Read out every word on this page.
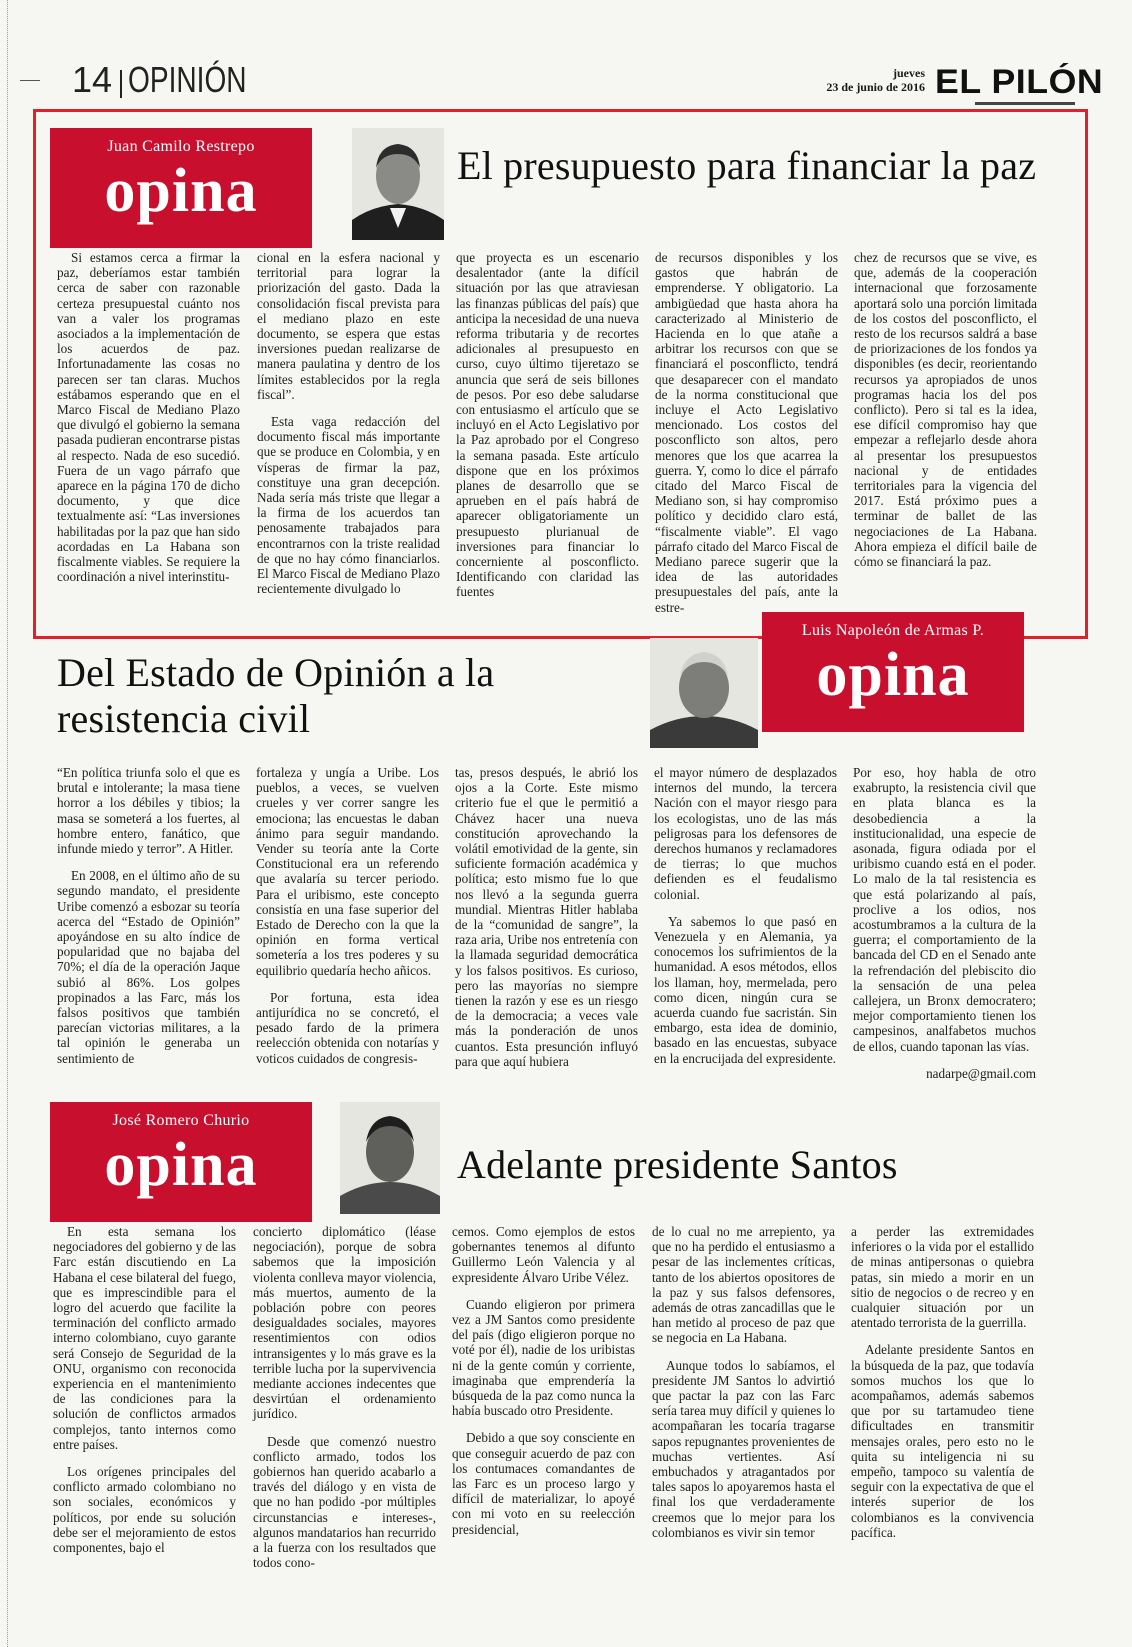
14 OPINIÓN	jueves
23 de junio de 2016 EL PILÓN
Juan Camilo Restrepo
opina	El presupuesto para financiar la paz

Si estamos cerca a firmar la paz, deberíamos estar también cerca de saber con razonable certeza presupuestal cuánto nos van a valer los programas asociados a la implementación de los acuerdos de paz. Infortunadamente las cosas no parecen ser tan claras. Muchos estábamos esperando que en el Marco Fiscal de Mediano Plazo que divulgó el gobierno la semana pasada pudieran encontrarse pistas al respecto. Nada de eso sucedió. Fuera de un vago párrafo que aparece en la página 170 de dicho documento, y que dice textualmente así: “Las inversiones habilitadas por la paz que han sido acordadas en La Habana son fiscalmente viables. Se requiere la coordinación a nivel interinstitu-

cional en la esfera nacional y territorial para lograr la priorización del gasto. Dada la consolidación fiscal prevista para el mediano plazo en este documento, se espera que estas inversiones puedan realizarse de manera paulatina y dentro de los límites establecidos por la regla fiscal”.

Esta vaga redacción del documento fiscal más importante que se produce en Colombia, y en vísperas de firmar la paz, constituye una gran decepción. Nada sería más triste que llegar a la firma de los acuerdos tan penosamente trabajados para encontrarnos con la triste realidad de que no hay cómo financiarlos. El Marco Fiscal de Mediano Plazo recientemente divulgado lo

que proyecta es un escenario desalentador (ante la difícil situación por las que atraviesan las finanzas públicas del país) que anticipa la necesidad de una nueva reforma tributaria y de recortes adicionales al presupuesto en curso, cuyo último tijeretazo se anuncia que será de seis billones de pesos. Por eso debe saludarse con entusiasmo el artículo que se incluyó en el Acto Legislativo por la Paz aprobado por el Congreso la semana pasada. Este artículo dispone que en los próximos planes de desarrollo que se aprueben en el país habrá de aparecer obligatoriamente un presupuesto plurianual de inversiones para financiar lo concerniente al posconflicto. Identificando con claridad las fuentes

de recursos disponibles y los gastos que habrán de emprenderse. Y obligatorio. La ambigüedad que hasta ahora ha caracterizado al Ministerio de Hacienda en lo que atañe a arbitrar los recursos con que se financiará el posconflicto, tendrá que desaparecer con el mandato de la norma constitucional que incluye el Acto Legislativo mencionado. Los costos del posconflicto son altos, pero menores que los que acarrea la guerra. Y, como lo dice el párrafo citado del Marco Fiscal de Mediano son, si hay compromiso político y decidido claro está, “fiscalmente viable”. El vago párrafo citado del Marco Fiscal de Mediano parece sugerir que la idea de las autoridades presupuestales del país, ante la estre-

chez de recursos que se vive, es que, además de la cooperación internacional que forzosamente aportará solo una porción limitada de los costos del posconflicto, el resto de los recursos saldrá a base de priorizaciones de los fondos ya disponibles (es decir, reorientando recursos ya apropiados de unos programas hacia los del pos conflicto). Pero si tal es la idea, ese difícil compromiso hay que empezar a reflejarlo desde ahora al presentar los presupuestos nacional y de entidades territoriales para la vigencia del 2017. Está próximo pues a terminar de ballet de las negociaciones de La Habana. Ahora empieza el difícil baile de cómo se financiará la paz.

Del Estado de Opinión a la resistencia civil
Luis Napoleón de Armas P.
opina

“En política triunfa solo el que es brutal e intolerante; la masa tiene horror a los débiles y tibios; la masa se someterá a los fuertes, al hombre entero, fanático, que infunde miedo y terror”. A Hitler.

En 2008, en el último año de su segundo mandato, el presidente Uribe comenzó a esbozar su teoría acerca del “Estado de Opinión” apoyándose en su alto índice de popularidad que no bajaba del 70%; el día de la operación Jaque subió al 86%. Los golpes propinados a las Farc, más los falsos positivos que también parecían victorias militares, a la tal opinión le generaba un sentimiento de

fortaleza y ungía a Uribe. Los pueblos, a veces, se vuelven crueles y ver correr sangre les emociona; las encuestas le daban ánimo para seguir mandando. Vender su teoría ante la Corte Constitucional era un referendo que avalaría su tercer periodo. Para el uribismo, este concepto consistía en una fase superior del Estado de Derecho con la que la opinión en forma vertical sometería a los tres poderes y su equilibrio quedaría hecho añicos.

Por fortuna, esta idea antijurídica no se concretó, el pesado fardo de la primera reelección obtenida con notarías y voticos cuidados de congresis-

tas, presos después, le abrió los ojos a la Corte. Este mismo criterio fue el que le permitió a Chávez hacer una nueva constitución aprovechando la volátil emotividad de la gente, sin suficiente formación académica y política; esto mismo fue lo que nos llevó a la segunda guerra mundial. Mientras Hitler hablaba de la “comunidad de sangre”, la raza aria, Uribe nos entretenía con la llamada seguridad democrática y los falsos positivos. Es curioso, pero las mayorías no siempre tienen la razón y ese es un riesgo de la democracia; a veces vale más la ponderación de unos cuantos. Esta presunción influyó para que aquí hubiera

el mayor número de desplazados internos del mundo, la tercera Nación con el mayor riesgo para los ecologistas, uno de las más peligrosas para los defensores de derechos humanos y reclamadores de tierras; lo que muchos defienden es el feudalismo colonial.

Ya sabemos lo que pasó en Venezuela y en Alemania, ya conocemos los sufrimientos de la humanidad. A esos métodos, ellos los llaman, hoy, mermelada, pero como dicen, ningún cura se acuerda cuando fue sacristán. Sin embargo, esta idea de dominio, basado en las encuestas, subyace en la encrucijada del expresidente.

Por eso, hoy habla de otro exabrupto, la resistencia civil que en plata blanca es la desobediencia a la institucionalidad, una especie de asonada, figura odiada por el uribismo cuando está en el poder. Lo malo de la tal resistencia es que está polarizando al país, proclive a los odios, nos acostumbramos a la cultura de la guerra; el comportamiento de la bancada del CD en el Senado ante la refrendación del plebiscito dio la sensación de una pelea callejera, un Bronx democratero; mejor comportamiento tienen los campesinos, analfabetos muchos de ellos, cuando taponan las vías.

nadarpe@gmail.com

José Romero Churio
opina	Adelante presidente Santos

En esta semana los negociadores del gobierno y de las Farc están discutiendo en La Habana el cese bilateral del fuego, que es imprescindible para el logro del acuerdo que facilite la terminación del conflicto armado interno colombiano, cuyo garante será Consejo de Seguridad de la ONU, organismo con reconocida experiencia en el mantenimiento de las condiciones para la solución de conflictos armados complejos, tanto internos como entre países.

Los orígenes principales del conflicto armado colombiano no son sociales, económicos y políticos, por ende su solución debe ser el mejoramiento de estos componentes, bajo el

concierto diplomático (léase negociación), porque de sobra sabemos que la imposición violenta conlleva mayor violencia, más muertos, aumento de la población pobre con peores desigualdades sociales, mayores resentimientos con odios intransigentes y lo más grave es la terrible lucha por la supervivencia mediante acciones indecentes que desvirtúan el ordenamiento jurídico.

Desde que comenzó nuestro conflicto armado, todos los gobiernos han querido acabarlo a través del diálogo y en vista de que no han podido -por múltiples circunstancias e intereses-, algunos mandatarios han recurrido a la fuerza con los resultados que todos cono-

cemos. Como ejemplos de estos gobernantes tenemos al difunto Guillermo León Valencia y al expresidente Álvaro Uribe Vélez.

Cuando eligieron por primera vez a JM Santos como presidente del país (digo eligieron porque no voté por él), nadie de los uribistas ni de la gente común y corriente, imaginaba que emprendería la búsqueda de la paz como nunca la había buscado otro Presidente.

Debido a que soy consciente en que conseguir acuerdo de paz con los contumaces comandantes de las Farc es un proceso largo y difícil de materializar, lo apoyé con mi voto en su reelección presidencial,

de lo cual no me arrepiento, ya que no ha perdido el entusiasmo a pesar de las inclementes críticas, tanto de los abiertos opositores de la paz y sus falsos defensores, además de otras zancadillas que le han metido al proceso de paz que se negocia en La Habana.

Aunque todos lo sabíamos, el presidente JM Santos lo advirtió que pactar la paz con las Farc sería tarea muy difícil y quienes lo acompañaran les tocaría tragarse sapos repugnantes provenientes de muchas vertientes. Así embuchados y atragantados por tales sapos lo apoyaremos hasta el final los que verdaderamente creemos que lo mejor para los colombianos es vivir sin temor

a perder las extremidades inferiores o la vida por el estallido de minas antipersonas o quiebra patas, sin miedo a morir en un sitio de negocios o de recreo y en cualquier situación por un atentado terrorista de la guerrilla.

Adelante presidente Santos en la búsqueda de la paz, que todavía somos muchos los que lo acompañamos, además sabemos que por su tartamudeo tiene dificultades en transmitir mensajes orales, pero esto no le quita su inteligencia ni su empeño, tampoco su valentía de seguir con la expectativa de que el interés superior de los colombianos es la convivencia pacífica.
